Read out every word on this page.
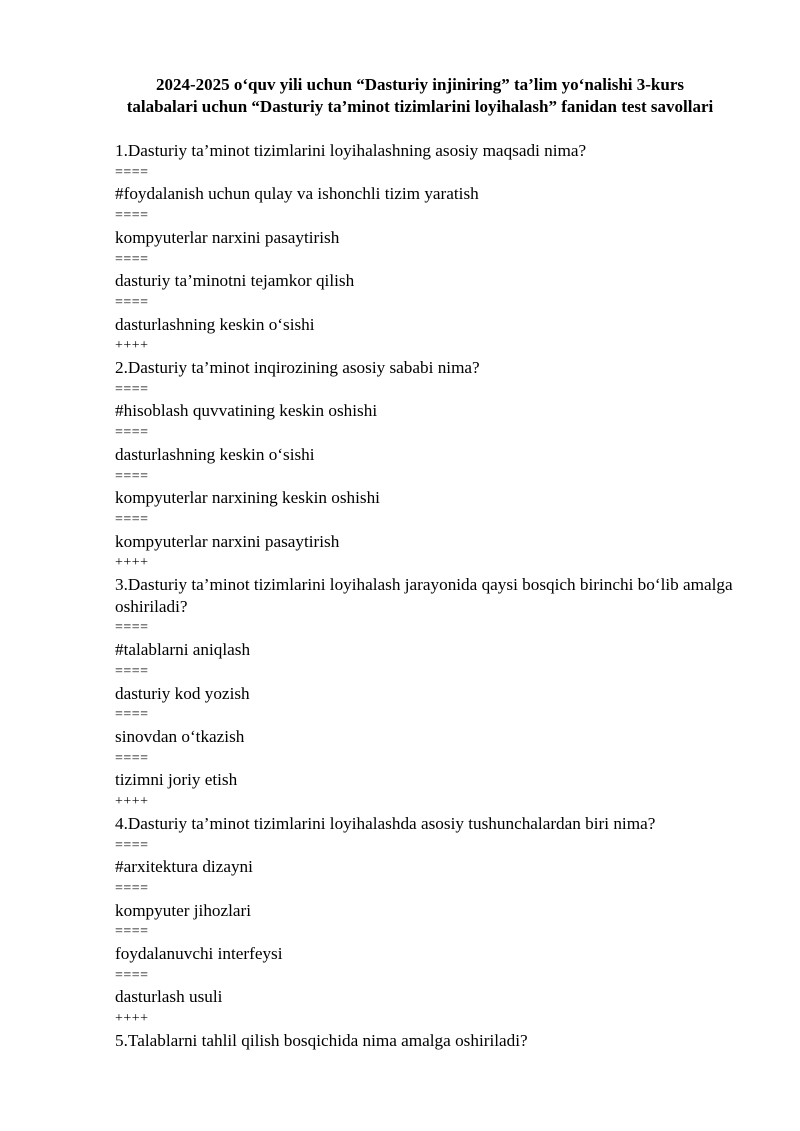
2024-2025 o‘quv yili uchun “Dasturiy injiniring” ta’lim yo‘nalishi 3-kurs talabalari uchun “Dasturiy ta’minot tizimlarini loyihalash” fanidan test savollari
1.Dasturiy ta’minot tizimlarini loyihalashning asosiy maqsadi nima?
====
#foydalanish uchun qulay va ishonchli tizim yaratish
====
kompyuterlar narxini pasaytirish
====
dasturiy ta’minotni tejamkor qilish
====
dasturlashning keskin o‘sishi
++++
2.Dasturiy ta’minot inqirozining asosiy sababi nima?
====
#hisoblash quvvatining keskin oshishi
====
dasturlashning keskin o‘sishi
====
kompyuterlar narxining keskin oshishi
====
kompyuterlar narxini pasaytirish
++++
3.Dasturiy ta’minot tizimlarini loyihalash jarayonida qaysi bosqich birinchi bo‘lib amalga oshiriladi?
====
#talablarni aniqlash
====
dasturiy kod yozish
====
sinovdan o‘tkazish
====
tizimni joriy etish
++++
4.Dasturiy ta’minot tizimlarini loyihalashda asosiy tushunchalardan biri nima?
====
#arxitektura dizayni
====
kompyuter jihozlari
====
foydalanuvchi interfeysi
====
dasturlash usuli
++++
5.Talablarni tahlil qilish bosqichida nima amalga oshiriladi?
